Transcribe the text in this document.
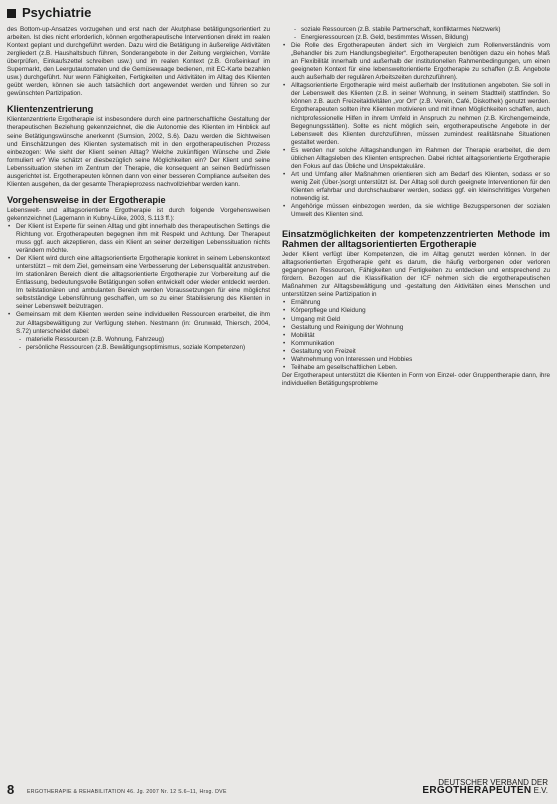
Psychiatrie

des Bottom-up-Ansatzes vorzugehen und erst nach der Akutphase betätigungsorientiert zu arbeiten. Ist dies nicht erforderlich, können ergotherapeutische Interventionen direkt im realen Kontext geplant und durchgeführt werden. Dazu wird die Betätigung in äußerelige Aktivitäten zergliedert (z.B. Haushaltsbuch führen, Sonderangebote in der Zeitung vergleichen, Vorräte überprüfen, Einkaufszettel schreiben usw.) und im realen Kontext (z.B. Großeinkauf im Supermarkt, den Leergutautomaten und die Gemüsewaage bedienen, mit EC-Karte bezahlen usw.) durchgeführt. Nur wenn Fähigkeiten, Fertigkeiten und Aktivitäten im Alltag des Klienten geübt werden, können sie auch tatsächlich dort angewendet werden und führen so zur gewünschten Partizipation.

Klientenzentrierung

Klientenzentrierte Ergotherapie ist insbesondere durch eine partnerschaftliche Gestaltung der therapeutischen Beziehung gekennzeichnet, die die Autonomie des Klienten im Hinblick auf seine Betätigungswünsche anerkennt (Sumsion, 2002, S.6). Dazu werden die Sichtweisen und Einschätzungen des Klienten systematisch mit in den ergotherapeutischen Prozess einbezogen: Wie sieht der Klient seinen Alltag? Welche zukünftigen Wünsche und Ziele formuliert er? Wie schätzt er diesbezüglich seine Möglichkeiten ein? Der Klient und seine Lebenssituation stehen im Zentrum der Therapie, die konsequent an seinen Bedürfnissen ausgerichtet ist. Ergotherapeuten können dann von einer besseren Compliance aufseiten des Klienten ausgehen, da der gesamte Therapieprozess nachvollziehbar werden kann.

Vorgehensweise in der Ergotherapie

Lebenswelt- und alltagsorientierte Ergotherapie ist durch folgende Vorgehensweisen gekennzeichnet (Lagemann in Kubny-Lüke, 2003, S.113 ff.):

• Der Klient ist Experte für seinen Alltag und gibt innerhalb des therapeutischen Settings die Richtung vor. Ergotherapeuten begegnen ihm mit Respekt und Achtung. Der Therapeut muss ggf. auch akzeptieren, dass ein Klient an seiner derzeitigen Lebenssituation nichts verändern möchte.
• Der Klient wird durch eine alltagsorientierte Ergotherapie konkret in seinem Lebenskontext unterstützt – mit dem Ziel, gemeinsam eine Verbesserung der Lebensqualität anzustreben. Im stationären Bereich dient die alltagsorientierte Ergotherapie zur Vorbereitung auf die Entlassung, bedeutungsvolle Betätigungen sollen entwickelt oder wieder entdeckt werden. Im teilstationären und ambulanten Bereich werden Voraussetzungen für eine möglichst selbstständige Lebensführung geschaffen, um so zu einer Stabilisierung des Klienten in seiner Lebenswelt beizutragen.
• Gemeinsam mit dem Klienten werden seine individuellen Ressourcen erarbeitet, die ihm zur Alltagsbewältigung zur Verfügung stehen. Nestmann (in: Grunwald, Thiersch, 2004, S.72) unterscheidet dabei:
- materielle Ressourcen (z.B. Wohnung, Fahrzeug)
- persönliche Ressourcen (z.B. Bewältigungsoptimismus, soziale Kompetenzen)
- soziale Ressourcen (z.B. stabile Partnerschaft, konfliktarmes Netzwerk)
- Energieressourcen (z.B. Geld, bestimmtes Wissen, Bildung)
• Die Rolle des Ergotherapeuten ändert sich im Vergleich zum Rollenverständnis vom „Behandler bis zum Handlungsbegleiter“. Ergotherapeuten benötigen dazu ein hohes Maß an Flexibilität innerhalb und außerhalb der institutionellen Rahmenbedingungen, um einen geeigneten Kontext für eine lebensweltorientierte Ergotherapie zu schaffen (z.B. Angebote auch außerhalb der regulären Arbeitszeiten durchzuführen).
• Alltagsorientierte Ergotherapie wird meist außerhalb der Institutionen angeboten. Sie soll in der Lebenswelt des Klienten (z.B. in seiner Wohnung, in seinem Stadtteil) stattfinden. So können z.B. auch Freizeitaktivitäten „vor Ort“ (z.B. Verein, Café, Diskothek) genutzt werden. Ergotherapeuten sollten ihre Klienten motivieren und mit ihnen Möglichkeiten schaffen, auch nichtprofessionelle Hilfen in ihrem Umfeld in Anspruch zu nehmen (z.B. Kirchengemeinde, Begegnungsstätten). Sollte es nicht möglich sein, ergotherapeutische Angebote in der Lebenswelt des Klienten durchzuführen, müssen zumindest realitätsnahe Situationen gestaltet werden.
• Es werden nur solche Alltagshandlungen im Rahmen der Therapie erarbeitet, die dem üblichen Alltagsleben des Klienten entsprechen. Dabei richtet alltagsorientierte Ergotherapie den Fokus auf das Übliche und Unspektakuläre.
• Art und Umfang aller Maßnahmen orientieren sich am Bedarf des Klienten, sodass er so wenig Zeit (Über-)sorgt unterstützt ist. Der Alltag soll durch geeignete Interventionen für den Klienten erfahrbar und durchschaubarer werden, sodass ggf. ein kleinschrittiges Vorgehen notwendig ist.
• Angehörige müssen einbezogen werden, da sie wichtige Bezugspersonen der sozialen Umwelt des Klienten sind.
Einsatzmöglichkeiten der kompetenzzentrierten Methode im Rahmen der alltagsorientierten Ergotherapie

Jeder Klient verfügt über Kompetenzen, die im Alltag genutzt werden können. In der alltagsorientierten Ergotherapie geht es darum, die häufig verborgenen oder verloren gegangenen Ressourcen, Fähigkeiten und Fertigkeiten zu entdecken und entsprechend zu fördern. Bezogen auf die Klassifikation der ICF nehmen sich die ergotherapeutischen Maßnahmen zur Alltagsbewältigung und -gestaltung den Aktivitäten eines Menschen und unterstützen seine Partizipation in

• Ernährung
• Körperpflege und Kleidung
• Umgang mit Geld
• Gestaltung und Reinigung der Wohnung
• Mobilität
• Kommunikation
• Gestaltung von Freizeit
• Wahrnehmung von Interessen und Hobbies
• Teilhabe am gesellschaftlichen Leben.

Der Ergotherapeut unterstützt die Klienten in Form von Einzel- oder Gruppentherapie dann, ihre individuellen Betätigungsprobleme

8 ERGOTHERAPIE & REHABILITATION 46. Jg. 2007 Nr. 12 S.6–11, Hrsg. DVE
DEUTSCHER VERBAND DER
ERGOTHERAPEUTEN E.V.
